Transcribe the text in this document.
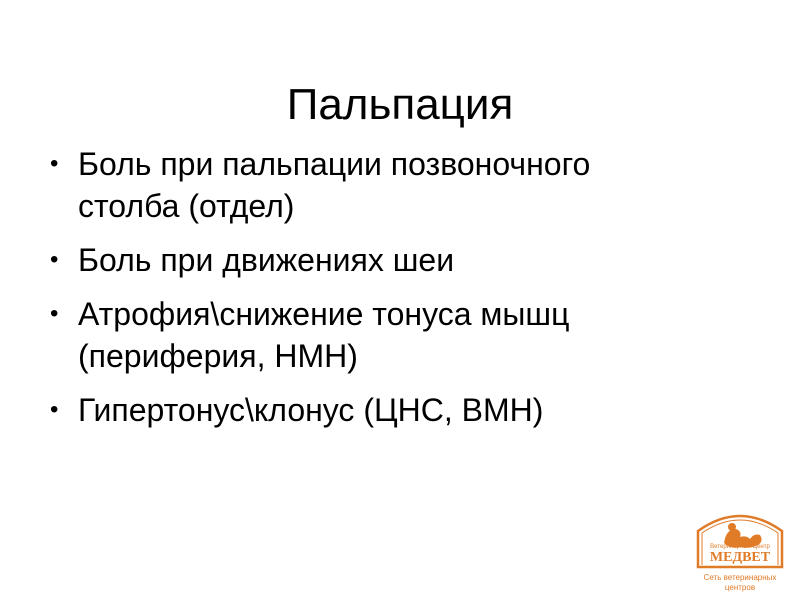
Пальпация
• Боль при пальпации позвоночного столба (отдел)
• Боль при движениях шеи
• Атрофия\снижение тонуса мышц (периферия, НМН)
• Гипертонус\клонус (ЦНС, ВМН)
Ветеринарный Центр
МЕДВЕТ
Сеть ветеринарных
центров
